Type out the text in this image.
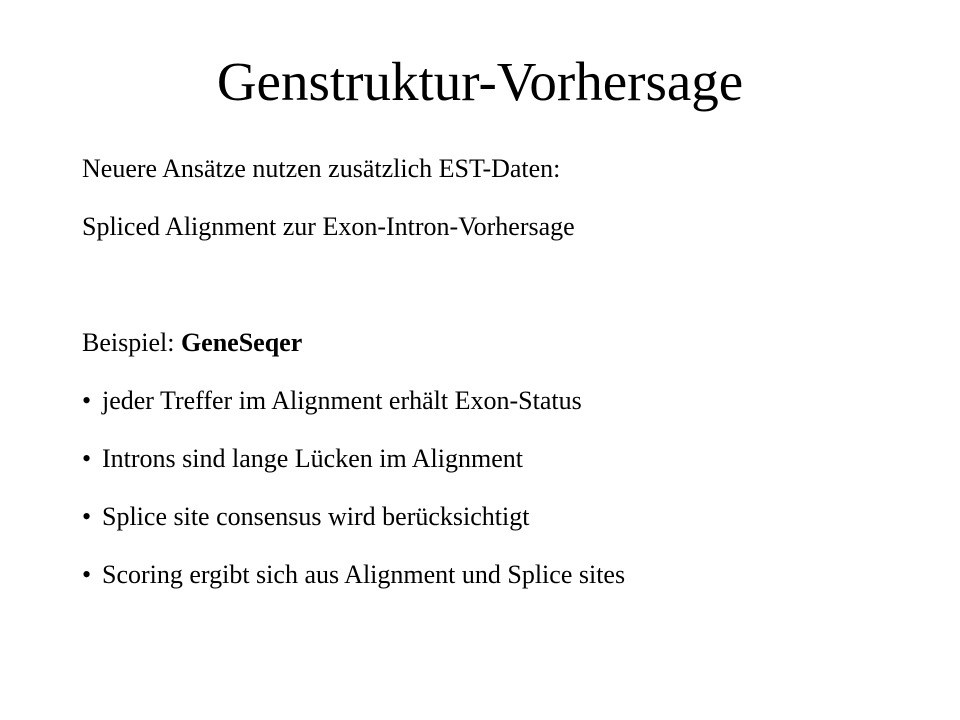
Genstruktur-Vorhersage

Neuere Ansätze nutzen zusätzlich EST-Daten:

Spliced Alignment zur Exon-Intron-Vorhersage

Beispiel: GeneSeqer

• jeder Treffer im Alignment erhält Exon-Status

• Introns sind lange Lücken im Alignment

• Splice site consensus wird berücksichtigt

• Scoring ergibt sich aus Alignment und Splice sites
